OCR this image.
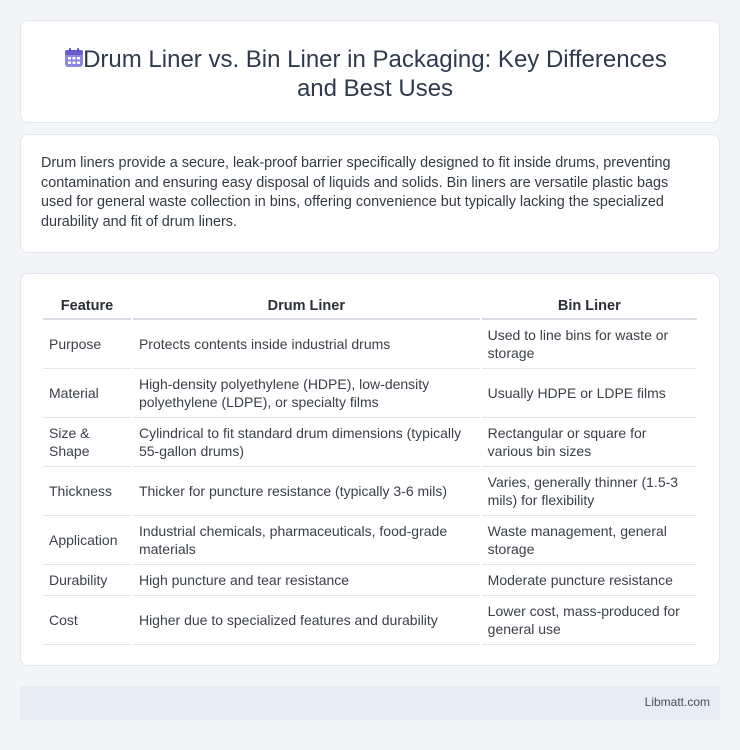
Drum Liner vs. Bin Liner in Packaging: Key Differences and Best Uses

Drum liners provide a secure, leak-proof barrier specifically designed to fit inside drums, preventing contamination and ensuring easy disposal of liquids and solids. Bin liners are versatile plastic bags used for general waste collection in bins, offering convenience but typically lacking the specialized durability and fit of drum liners.

Feature	Drum Liner	Bin Liner
Purpose	Protects contents inside industrial drums	Used to line bins for waste or storage
Material	High-density polyethylene (HDPE), low-density polyethylene (LDPE), or specialty films	Usually HDPE or LDPE films
Size & Shape	Cylindrical to fit standard drum dimensions (typically 55-gallon drums)	Rectangular or square for various bin sizes
Thickness	Thicker for puncture resistance (typically 3-6 mils)	Varies, generally thinner (1.5-3 mils) for flexibility
Application	Industrial chemicals, pharmaceuticals, food-grade materials	Waste management, general storage
Durability	High puncture and tear resistance	Moderate puncture resistance
Cost	Higher due to specialized features and durability	Lower cost, mass-produced for general use
Libmatt.com
